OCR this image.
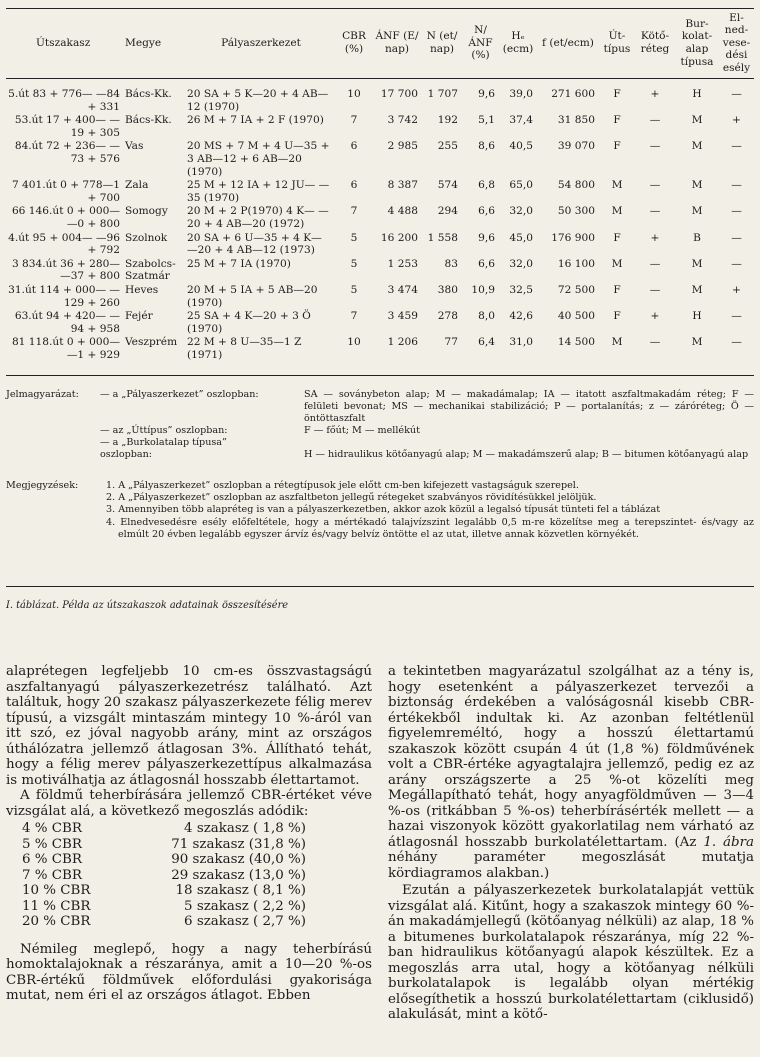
Útszakasz	Megye	Pályaszerkezet	CBR (%)	ÁNF (E/ nap)	N (et/ nap)	N/ ÁNF (%)	Hₑ (ecm)	f (et/ecm)	Út- típus	Kötő- réteg	Bur- kolat- alap típusa	El- ned- vese- dési esély
5.út 83 + 776— —84 + 331	Bács-Kk.	20 SA + 5 K—20 + 4 AB—12 (1970)	10	17 700	1 707	9,6	39,0	271 600	F	+	H	—
53.út 17 + 400— —19 + 305	Bács-Kk.	26 M + 7 IA + 2 F (1970)	7	3 742	192	5,1	37,4	31 850	F	—	M	+
84.út 72 + 236— —73 + 576	Vas	20 MS + 7 M + 4 U—35 + 3 AB—12 + 6 AB—20 (1970)	6	2 985	255	8,6	40,5	39 070	F	—	M	—
7 401.út 0 + 778—1 + 700	Zala	25 M + 12 IA + 12 JU— —35 (1970)	6	8 387	574	6,8	65,0	54 800	M	—	M	—
66 146.út 0 + 000— —0 + 800	Somogy	20 M + 2 P(1970) 4 K— —20 + 4 AB—20 (1972)	7	4 488	294	6,6	32,0	50 300	M	—	M	—
4.út 95 + 004— —96 + 792	Szolnok	20 SA + 6 U—35 + 4 K— —20 + 4 AB—12 (1973)	5	16 200	1 558	9,6	45,0	176 900	F	+	B	—
3 834.út 36 + 280— —37 + 800	Szabolcs- Szatmár	25 M + 7 IA (1970)	5	1 253	83	6,6	32,0	16 100	M	—	M	—
31.út 114 + 000— —129 + 260	Heves	20 M + 5 IA + 5 AB—20 (1970)	5	3 474	380	10,9	32,5	72 500	F	—	M	+
63.út 94 + 420— —94 + 958	Fejér	25 SA + 4 K—20 + 3 Ö (1970)	7	3 459	278	8,0	42,6	40 500	F	+	H	—
81 118.út 0 + 000— —1 + 929	Veszprém	22 M + 8 U—35—1 Z (1971)	10	1 206	77	6,4	31,0	14 500	M	—	M	—
Jelmagyarázat:	— a „Pályaszerkezet” oszlopban:	SA — soványbeton alap; M — makadámalap; IA — itatott aszfaltmakadám réteg; F — felületi bevonat; MS — mechanikai stabilizáció; P — portalanítás; z — záróréteg; Ö — öntöttaszfalt
— az „Úttípus” oszlopban:	F — főút; M — mellékút
— a „Burkolatalap típusa” oszlopban:	H — hidraulikus kötőanyagú alap; M — makadámszerű alap; B — bitumen kötőanyagú alap
Megjegyzések:	1. A „Pályaszerkezet” oszlopban a rétegtípusok jele előtt cm-ben kifejezett vastagságuk szerepel.
2. A „Pályaszerkezet” oszlopban az aszfaltbeton jellegű rétegeket szabványos rövidítésükkel jelöljük.
3. Amennyiben több alapréteg is van a pályaszerkezetben, akkor azok közül a legalsó típusát tünteti fel a táblázat
4. Elnedvesedésre esély előfeltétele, hogy a mértékadó talajvízszint legalább 0,5 m-re közelítse meg a terepszintet- és/vagy az elmúlt 20 évben legalább egyszer árvíz és/vagy belvíz öntötte el az utat, illetve annak közvetlen környékét.
I. táblázat. Példa az útszakaszok adatainak összesítésére

alaprétegen legfeljebb 10 cm-es összvastagságú aszfaltanyagú pályaszerkezetrész található. Azt találtuk, hogy 20 szakasz pályaszerkezete félig merev típusú, a vizsgált mintaszám mintegy 10 %-áról van itt szó, ez jóval nagyobb arány, mint az országos úthálózatra jellemző átlagosan 3%. Állítható tehát, hogy a félig merev pályaszerkezettípus alkalmazása is motiválhatja az átlagosnál hosszabb élettartamot.

A földmű teherbírására jellemző CBR-értéket véve vizsgálat alá, a következő megoszlás adódik:

4 % CBR	4 szakasz ( 1,8 %)
5 % CBR	71 szakasz (31,8 %)
6 % CBR	90 szakasz (40,0 %)
7 % CBR	29 szakasz (13,0 %)
10 % CBR	18 szakasz ( 8,1 %)
11 % CBR	5 szakasz ( 2,2 %)
20 % CBR	6 szakasz ( 2,7 %)

Némileg meglepő, hogy a nagy teherbírású homoktalajoknak a részaránya, amit a 10—20 %-os CBR-értékű földművek előfordulási gyakorisága mutat, nem éri el az országos átlagot. Ebben

a tekintetben magyarázatul szolgálhat az a tény is, hogy esetenként a pályaszerkezet tervezői a biztonság érdekében a valóságosnál kisebb CBR-értékekből indultak ki. Az azonban feltétlenül figyelemreméltó, hogy a hosszú élettartamú szakaszok között csupán 4 út (1,8 %) földművének volt a CBR-értéke agyagtalajra jellemző, pedig ez az arány országszerte a 25 %-ot közelíti meg Megállapítható tehát, hogy anyagföldműven — 3—4 %-os (ritkábban 5 %-os) teherbírásérték mellett — a hazai viszonyok között gyakorlatilag nem várható az átlagosnál hosszabb burkolatélettartam. (Az 1. ábra néhány paraméter megoszlását mutatja kördiagramos alakban.)

Ezután a pályaszerkezetek burkolatalapját vettük vizsgálat alá. Kitűnt, hogy a szakaszok mintegy 60 %-án makadámjellegű (kötőanyag nélküli) az alap, 18 % a bitumenes burkolatalapok részaránya, míg 22 %-ban hidraulikus kötőanyagú alapok készültek. Ez a megoszlás arra utal, hogy a kötőanyag nélküli burkolatalapok is legalább olyan mértékig elősegíthetik a hosszú burkolatélettartam (ciklusidő) alakulását, mint a kötő-
